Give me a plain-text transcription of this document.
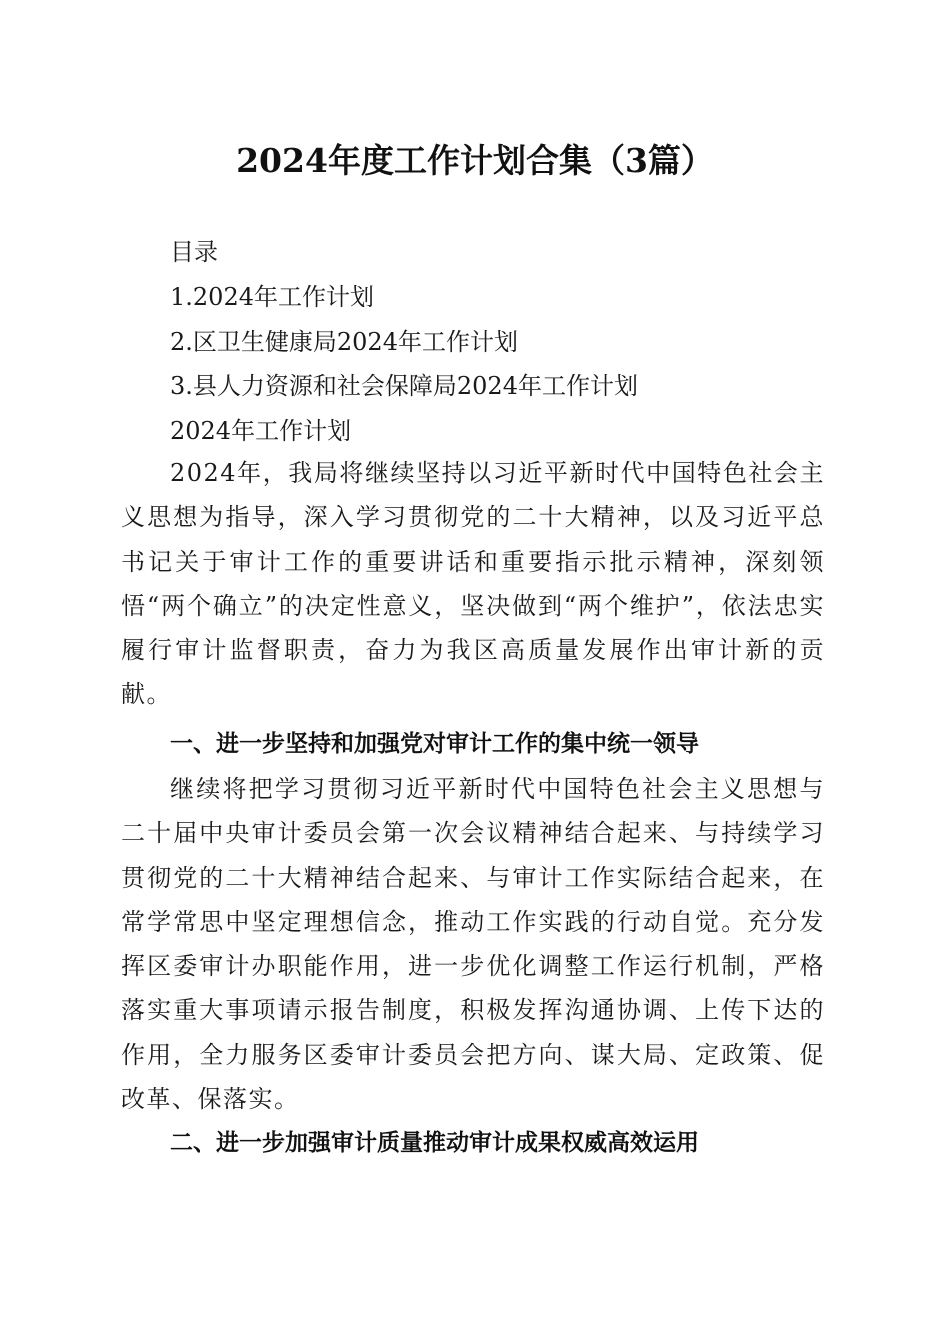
2024年度工作计划合集（3篇）
目录
1.2024年工作计划
2.区卫生健康局2024年工作计划
3.县人力资源和社会保障局2024年工作计划
2024年工作计划
2024年，我局将继续坚持以习近平新时代中国特色社会主义思想为指导，深入学习贯彻党的二十大精神，以及习近平总书记关于审计工作的重要讲话和重要指示批示精神，深刻领悟“两个确立”的决定性意义，坚决做到“两个维护”，依法忠实履行审计监督职责，奋力为我区高质量发展作出审计新的贡献。
一、进一步坚持和加强党对审计工作的集中统一领导
继续将把学习贯彻习近平新时代中国特色社会主义思想与二十届中央审计委员会第一次会议精神结合起来、与持续学习贯彻党的二十大精神结合起来、与审计工作实际结合起来，在常学常思中坚定理想信念，推动工作实践的行动自觉。充分发挥区委审计办职能作用，进一步优化调整工作运行机制，严格落实重大事项请示报告制度，积极发挥沟通协调、上传下达的作用，全力服务区委审计委员会把方向、谋大局、定政策、促改革、保落实。
二、进一步加强审计质量推动审计成果权威高效运用
